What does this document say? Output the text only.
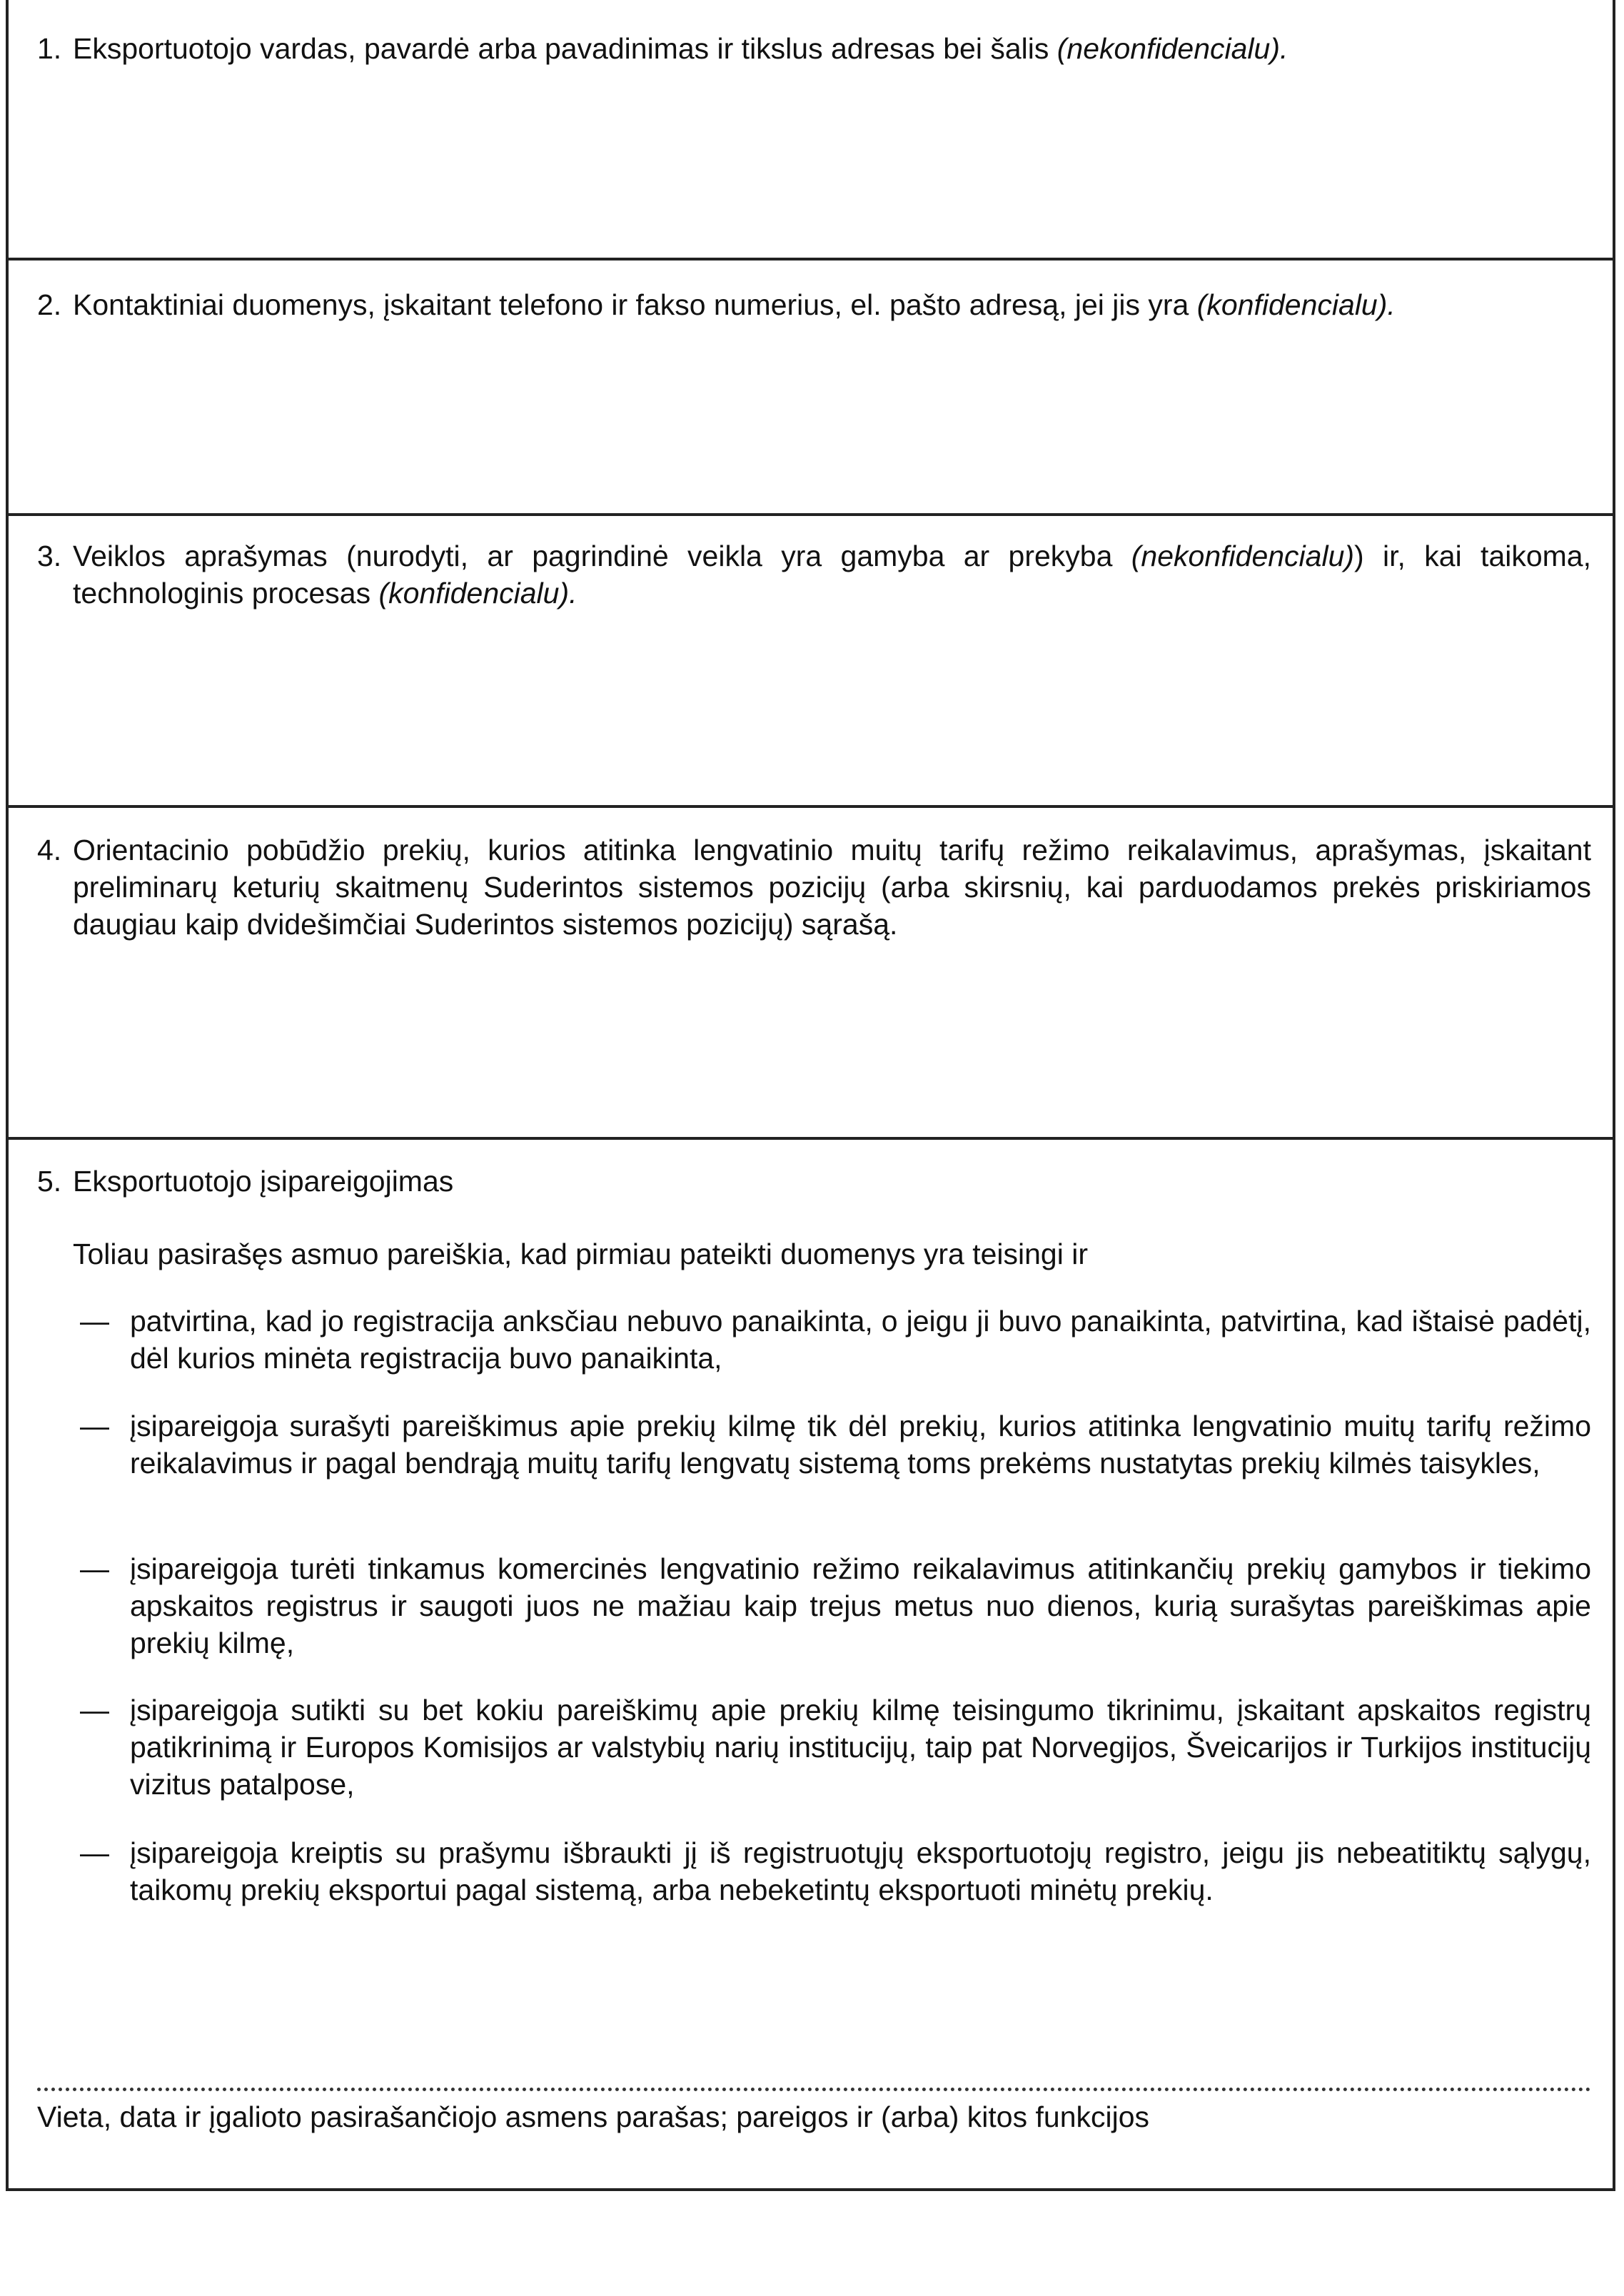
1. Eksportuotojo vardas, pavardė arba pavadinimas ir tikslus adresas bei šalis (nekonfidencialu).
2. Kontaktiniai duomenys, įskaitant telefono ir fakso numerius, el. pašto adresą, jei jis yra (konfidencialu).
3. Veiklos aprašymas (nurodyti, ar pagrindinė veikla yra gamyba ar prekyba (nekonfidencialu)) ir, kai taikoma, technologinis procesas (konfidencialu).
4. Orientacinio pobūdžio prekių, kurios atitinka lengvatinio muitų tarifų režimo reikalavimus, aprašymas, įskaitant preliminarų keturių skaitmenų Suderintos sistemos pozicijų (arba skirsnių, kai parduodamos prekės priskiriamos daugiau kaip dvidešimčiai Suderintos sistemos pozicijų) sąrašą.
5. Eksportuotojo įsipareigojimas
Toliau pasirašęs asmuo pareiškia, kad pirmiau pateikti duomenys yra teisingi ir
— patvirtina, kad jo registracija anksčiau nebuvo panaikinta, o jeigu ji buvo panaikinta, patvirtina, kad ištaisė padėtį, dėl kurios minėta registracija buvo panaikinta,
— įsipareigoja surašyti pareiškimus apie prekių kilmę tik dėl prekių, kurios atitinka lengvatinio muitų tarifų režimo reikalavimus ir pagal bendrąją muitų tarifų lengvatų sistemą toms prekėms nustatytas prekių kilmės taisykles,
— įsipareigoja turėti tinkamus komercinės lengvatinio režimo reikalavimus atitinkančių prekių gamybos ir tiekimo apskaitos registrus ir saugoti juos ne mažiau kaip trejus metus nuo dienos, kurią surašytas pareiškimas apie prekių kilmę,
— įsipareigoja sutikti su bet kokiu pareiškimų apie prekių kilmę teisingumo tikrinimu, įskaitant apskaitos registrų patikrinimą ir Europos Komisijos ar valstybių narių institucijų, taip pat Norvegijos, Šveicarijos ir Turkijos institucijų vizitus patalpose,
— įsipareigoja kreiptis su prašymu išbraukti jį iš registruotųjų eksportuotojų registro, jeigu jis nebeatitiktų sąlygų, taikomų prekių eksportui pagal sistemą, arba nebeketintų eksportuoti minėtų prekių.
Vieta, data ir įgalioto pasirašančiojo asmens parašas; pareigos ir (arba) kitos funkcijos
